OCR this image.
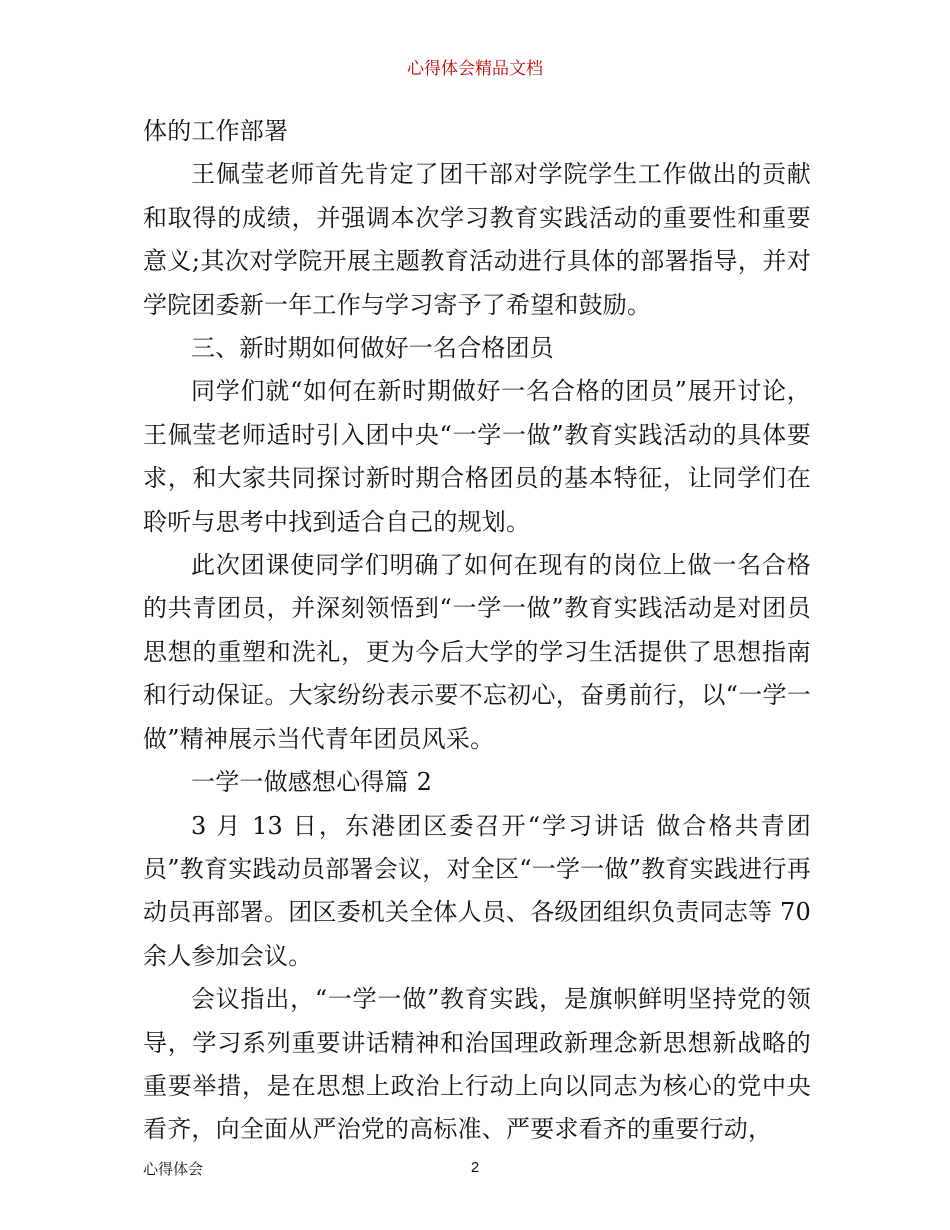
心得体会精品文档

体的工作部署

王佩莹老师首先肯定了团干部对学院学生工作做出的贡献和取得的成绩，并强调本次学习教育实践活动的重要性和重要意义;其次对学院开展主题教育活动进行具体的部署指导，并对学院团委新一年工作与学习寄予了希望和鼓励。

三、新时期如何做好一名合格团员

同学们就“如何在新时期做好一名合格的团员”展开讨论，王佩莹老师适时引入团中央“一学一做”教育实践活动的具体要求，和大家共同探讨新时期合格团员的基本特征，让同学们在聆听与思考中找到适合自己的规划。

此次团课使同学们明确了如何在现有的岗位上做一名合格的共青团员，并深刻领悟到“一学一做”教育实践活动是对团员思想的重塑和洗礼，更为今后大学的学习生活提供了思想指南和行动保证。大家纷纷表示要不忘初心，奋勇前行，以“一学一做”精神展示当代青年团员风采。

一学一做感想心得篇 2

3 月 13 日，东港团区委召开“学习讲话 做合格共青团员”教育实践动员部署会议，对全区“一学一做”教育实践进行再动员再部署。团区委机关全体人员、各级团组织负责同志等 70 余人参加会议。

会议指出，“一学一做”教育实践，是旗帜鲜明坚持党的领导，学习系列重要讲话精神和治国理政新理念新思想新战略的重要举措，是在思想上政治上行动上向以同志为核心的党中央看齐，向全面从严治党的高标准、严要求看齐的重要行动，

心得体会	2
